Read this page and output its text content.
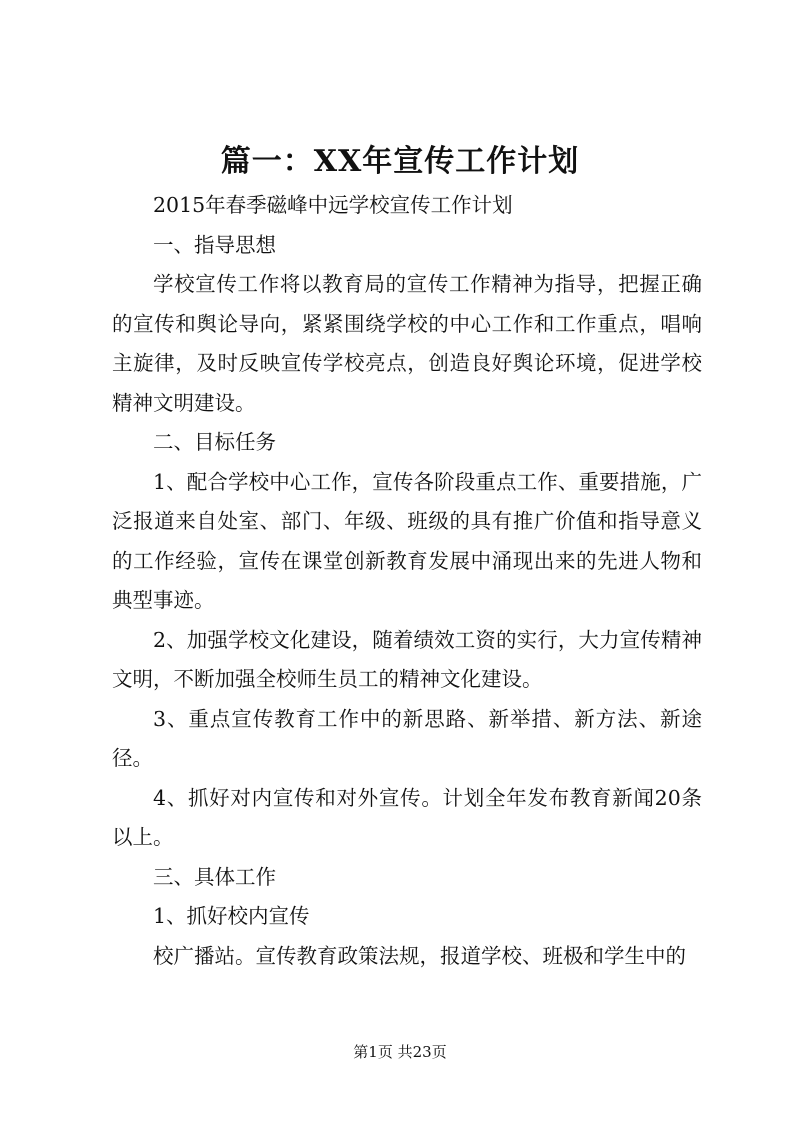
篇一：XX年宣传工作计划

2015年春季磁峰中远学校宣传工作计划

一、指导思想

学校宣传工作将以教育局的宣传工作精神为指导，把握正确的宣传和舆论导向，紧紧围绕学校的中心工作和工作重点，唱响主旋律，及时反映宣传学校亮点，创造良好舆论环境，促进学校精神文明建设。

二、目标任务

1、配合学校中心工作，宣传各阶段重点工作、重要措施，广泛报道来自处室、部门、年级、班级的具有推广价值和指导意义的工作经验，宣传在课堂创新教育发展中涌现出来的先进人物和典型事迹。

2、加强学校文化建设，随着绩效工资的实行，大力宣传精神文明，不断加强全校师生员工的精神文化建设。

3、重点宣传教育工作中的新思路、新举措、新方法、新途径。

4、抓好对内宣传和对外宣传。计划全年发布教育新闻20条以上。

三、具体工作

1、抓好校内宣传

校广播站。宣传教育政策法规，报道学校、班极和学生中的

第1页 共23页
